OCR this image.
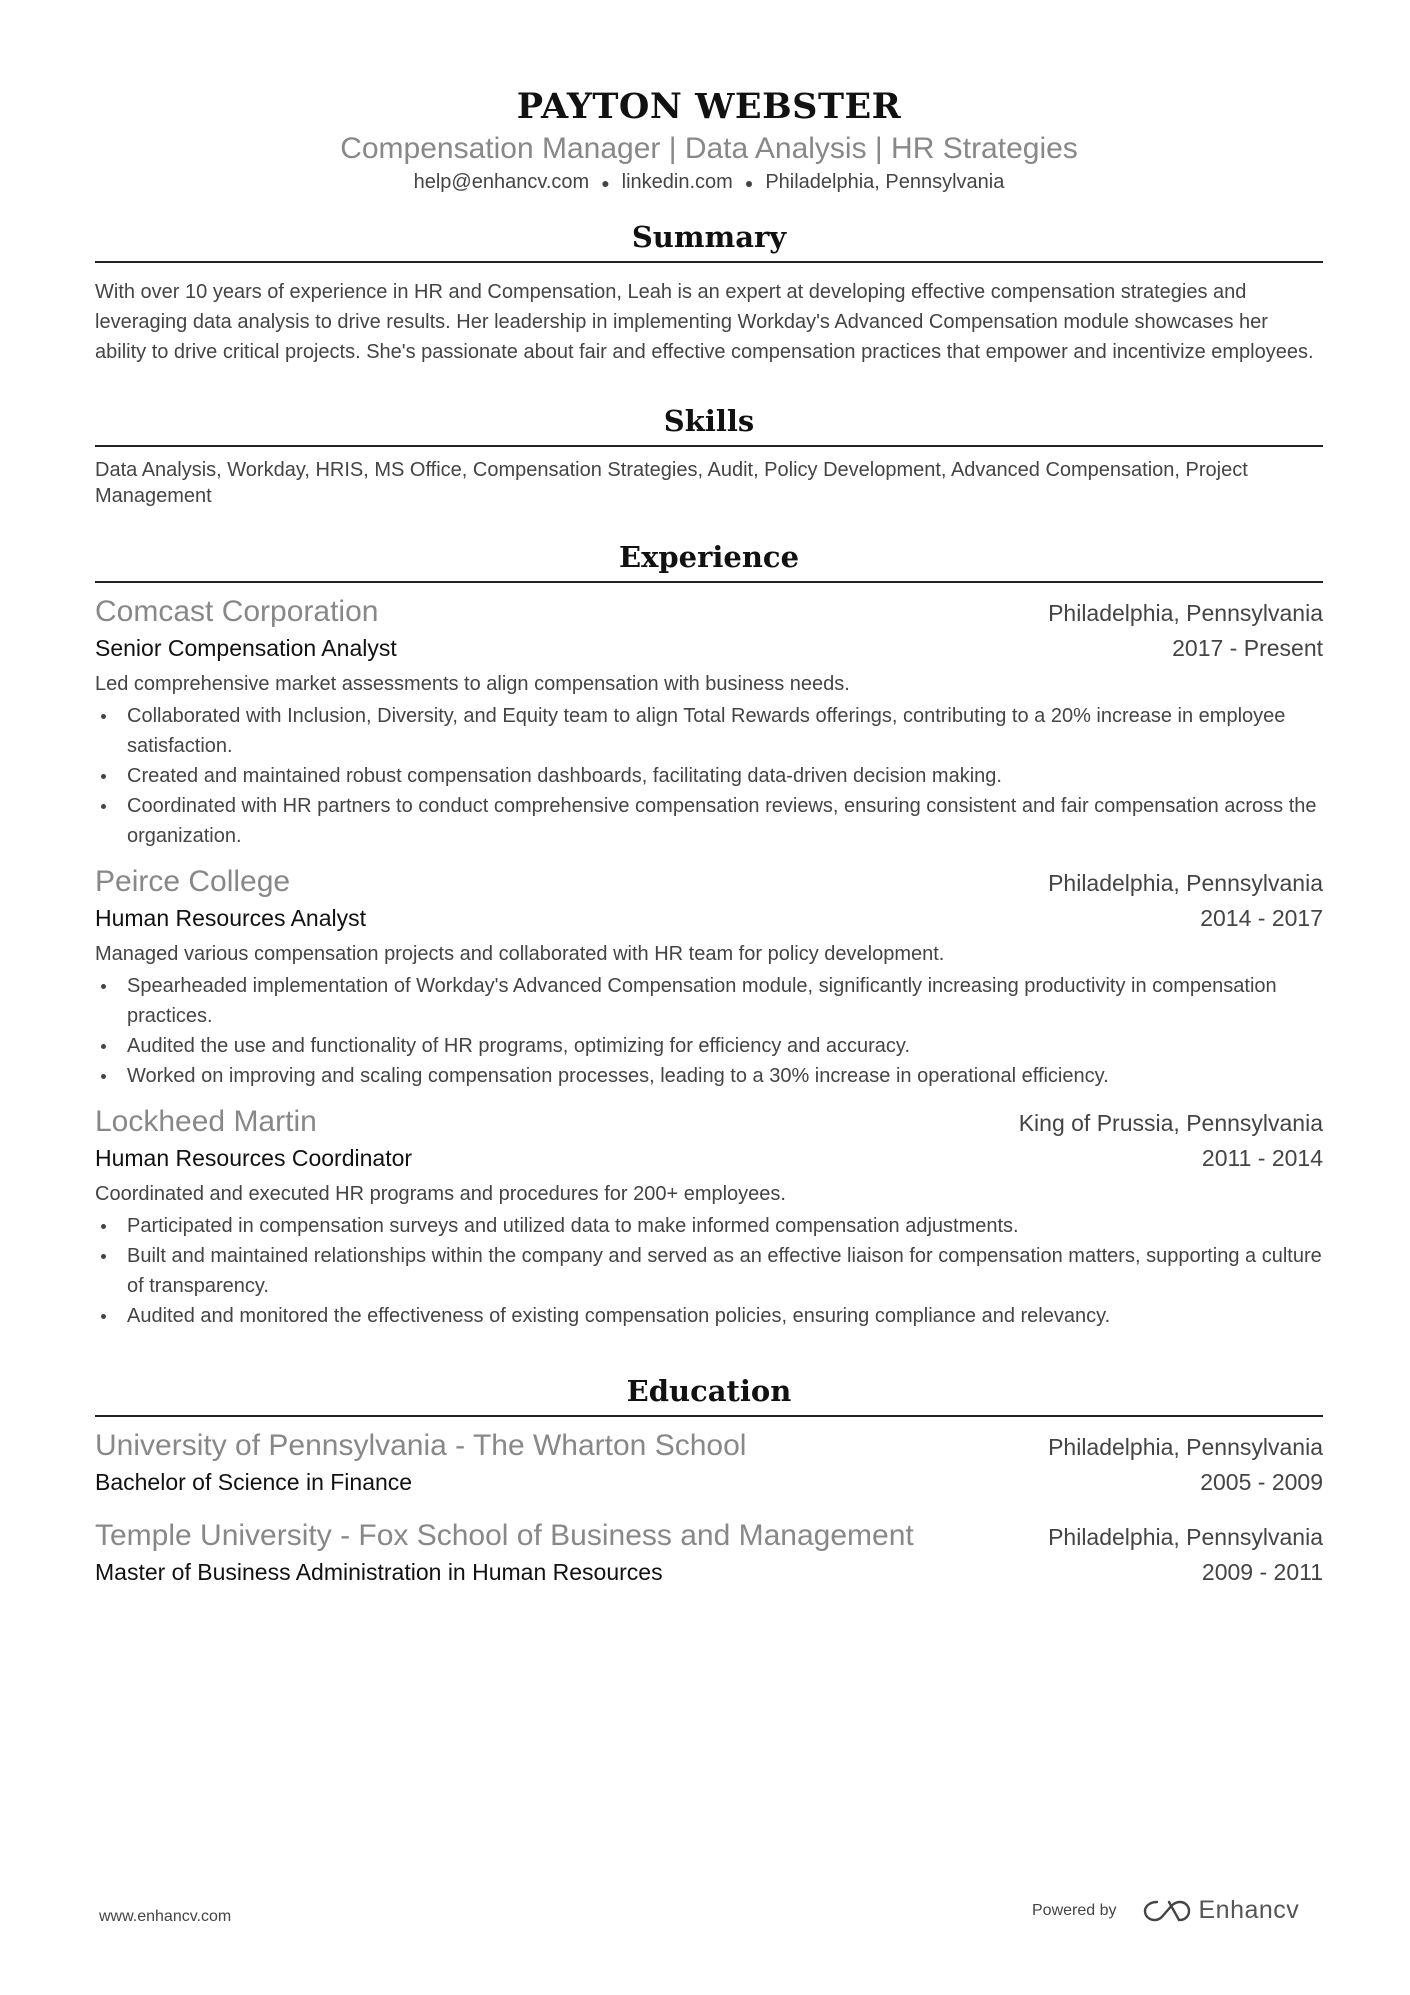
PAYTON WEBSTER
Compensation Manager | Data Analysis | HR Strategies
help@enhancv.com ● linkedin.com ● Philadelphia, Pennsylvania
Summary
With over 10 years of experience in HR and Compensation, Leah is an expert at developing effective compensation strategies and leveraging data analysis to drive results. Her leadership in implementing Workday's Advanced Compensation module showcases her ability to drive critical projects. She's passionate about fair and effective compensation practices that empower and incentivize employees.
Skills
Data Analysis, Workday, HRIS, MS Office, Compensation Strategies, Audit, Policy Development, Advanced Compensation, Project Management
Experience
Comcast Corporation	Philadelphia, Pennsylvania
Senior Compensation Analyst	2017 - Present
Led comprehensive market assessments to align compensation with business needs.
Collaborated with Inclusion, Diversity, and Equity team to align Total Rewards offerings, contributing to a 20% increase in employee satisfaction.
Created and maintained robust compensation dashboards, facilitating data-driven decision making.
Coordinated with HR partners to conduct comprehensive compensation reviews, ensuring consistent and fair compensation across the organization.
Peirce College	Philadelphia, Pennsylvania
Human Resources Analyst	2014 - 2017
Managed various compensation projects and collaborated with HR team for policy development.
Spearheaded implementation of Workday's Advanced Compensation module, significantly increasing productivity in compensation practices.
Audited the use and functionality of HR programs, optimizing for efficiency and accuracy.
Worked on improving and scaling compensation processes, leading to a 30% increase in operational efficiency.
Lockheed Martin	King of Prussia, Pennsylvania
Human Resources Coordinator	2011 - 2014
Coordinated and executed HR programs and procedures for 200+ employees.
Participated in compensation surveys and utilized data to make informed compensation adjustments.
Built and maintained relationships within the company and served as an effective liaison for compensation matters, supporting a culture of transparency.
Audited and monitored the effectiveness of existing compensation policies, ensuring compliance and relevancy.
Education
University of Pennsylvania - The Wharton School	Philadelphia, Pennsylvania
Bachelor of Science in Finance	2005 - 2009
Temple University - Fox School of Business and Management	Philadelphia, Pennsylvania
Master of Business Administration in Human Resources	2009 - 2011
www.enhancv.com	Powered by	Enhancv
